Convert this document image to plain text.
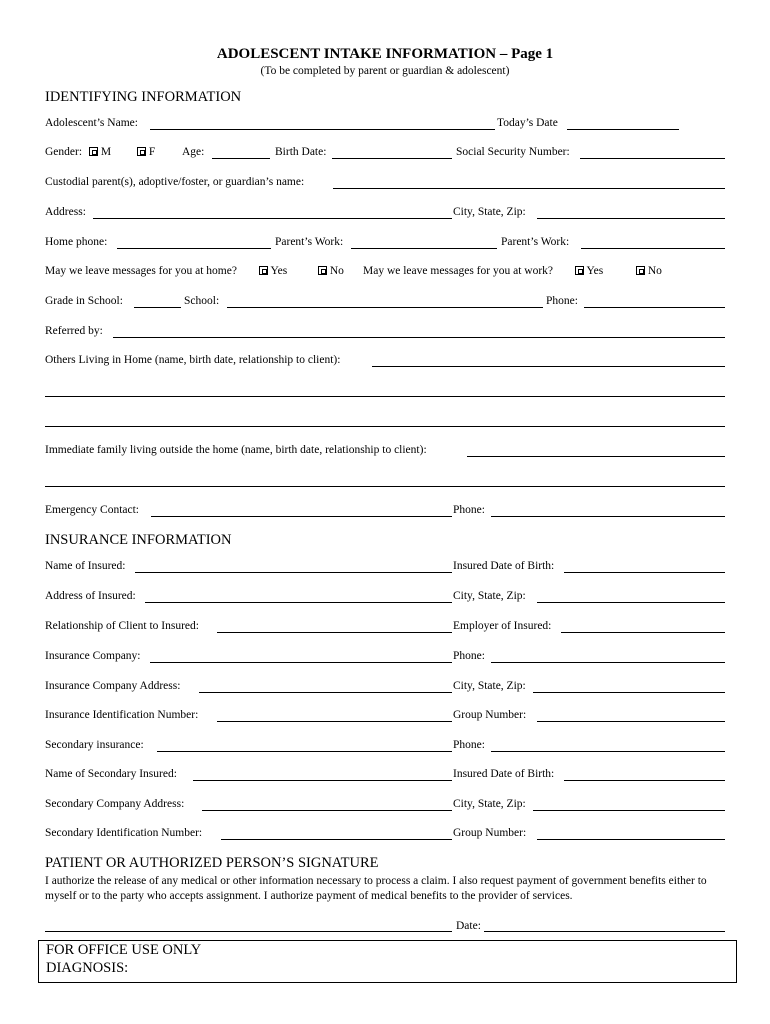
ADOLESCENT INTAKE INFORMATION – Page 1
(To be completed by parent or guardian & adolescent)
IDENTIFYING INFORMATION
Adolescent’s Name:	Today’s Date
Gender:	M	F Age:	Birth Date:	Social Security Number:
Custodial parent(s), adoptive/foster, or guardian’s name:
Address:	City, State, Zip:
Home phone:	Parent’s Work:	Parent’s Work:
May we leave messages for you at home?	Yes	No May we leave messages for you at work?	Yes	No
Grade in School:	School:	Phone:
Referred by:
Others Living in Home (name, birth date, relationship to client):
Immediate family living outside the home (name, birth date, relationship to client):
Emergency Contact:	Phone:
INSURANCE INFORMATION
Name of Insured:	Insured Date of Birth:
Address of Insured:	City, State, Zip:
Relationship of Client to Insured:	Employer of Insured:
Insurance Company:	Phone:
Insurance Company Address:	City, State, Zip:
Insurance Identification Number:	Group Number:
Secondary insurance:	Phone:
Name of Secondary Insured:	Insured Date of Birth:
Secondary Company Address:	City, State, Zip:
Secondary Identification Number:	Group Number:
PATIENT OR AUTHORIZED PERSON’S SIGNATURE
I authorize the release of any medical or other information necessary to process a claim. I also request payment of government benefits either to myself or to the party who accepts assignment. I authorize payment of medical benefits to the provider of services.
Date:
FOR OFFICE USE ONLY
DIAGNOSIS:
